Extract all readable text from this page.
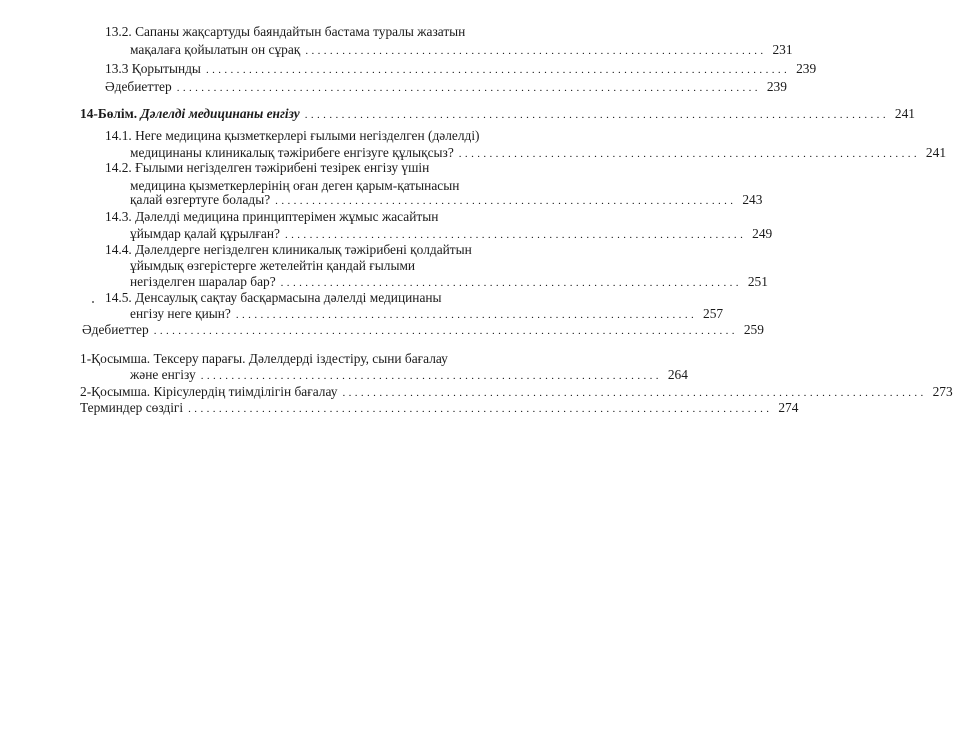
13.2. Сапаны жақсартуды баяндайтын бастама туралы жазатын
мақалаға қойылатын он сұрақ ........................................................................... 231
13.3 Қорытынды ............................................................................................... 239
Әдебиеттер ............................................................................................... 239
14-Бөлім. Дәлелді медицинаны енгізу ............................................................................................... 241
14.1. Неге медицина қызметкерлері ғылыми негізделген (дәлелді)
медицинаны клиникалық тәжірибеге енгізуге құлықсыз? ........................................................................... 241
14.2. Ғылыми негізделген тәжірибені тезірек енгізу үшін
медицина қызметкерлерінің оған деген қарым-қатынасын
қалай өзгертуге болады? ........................................................................... 243
14.3. Дәлелді медицина принциптерімен жұмыс жасайтын
ұйымдар қалай құрылған? ........................................................................... 249
14.4. Дәлелдерге негізделген клиникалық тәжірибені қолдайтын
ұйымдық өзгерістерге жетелейтін қандай ғылыми
негізделген шаралар бар? ........................................................................... 251
14.5. Денсаулық сақтау басқармасына дәлелді медицинаны
енгізу неге қиын? ........................................................................... 257
Әдебиеттер ............................................................................................... 259
1-Қосымша. Тексеру парағы. Дәлелдерді іздестіру, сыни бағалау
және енгізу ........................................................................... 264
2-Қосымша. Кірісулердің тиімділігін бағалау ............................................................................................... 273
Терминдер сөздігі ............................................................................................... 274
